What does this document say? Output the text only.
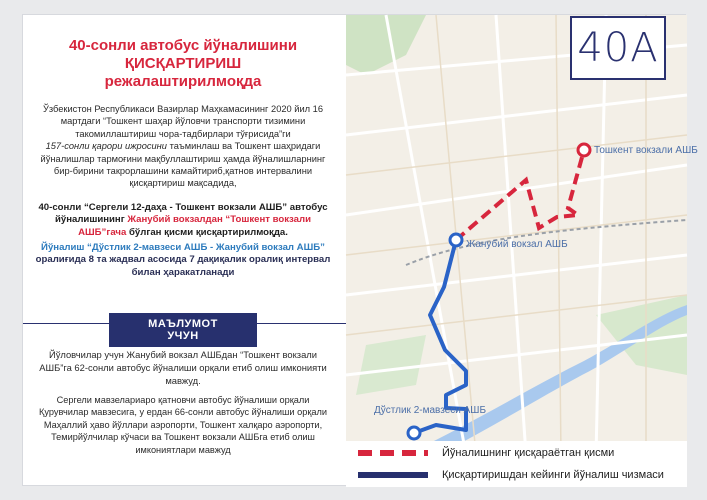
40-сонли автобус йўналишини
ҚИСҚАРТИРИШ
режалаштирилмоқда
Ўзбекистон Республикаси Вазирлар Маҳкамасининг 2020 йил 16 мартдаги “Тошкент шаҳар йўловчи транспорти тизимини такомиллаштириш чора-тадбирлари тўғрисида”ги
157-сонли қарори ижросини таъминлаш ва Тошкент шаҳридаги йўналишлар тармоғини мақбуллаштириш ҳамда йўналишларнинг бир-бирини такрорлашини камайтириб,қатнов интервалини қисқартириш мақсадида,
40-сонли “Сергели 12-даҳа - Тошкент вокзали АШБ” автобус йўналишининг Жанубий вокзалдан “Тошкент вокзали АШБ”гача бўлган қисми қисқартирилмоқда.
Йўналиш “Дўстлик 2-мавзеси АШБ - Жанубий вокзал АШБ” оралиғида 8 та жадвал асосида 7 дақиқалик оралиқ интервал билан ҳаракатланади
МАЪЛУМОТ УЧУН
Йўловчилар учун Жанубий вокзал АШБдан “Тошкент вокзали АШБ”га 62-сонли автобус йўналиши орқали етиб олиш имконияти мавжуд.
Сергели мавзелариаро қатновчи автобус йўналиши орқали Қурувчилар мавзесига, у ердан 66-сонли автобус йўналиши орқали Маҳаллий ҳаво йўллари аэропорти, Тошкент халқаро аэропорти, Темирйўлчилар кўчаси ва Тошкент вокзали АШБга етиб олиш имкониятлари мавжуд
Тошкент вокзали АШБ
Жанубий вокзал АШБ
Дўстлик 2-мавзеси АШБ
Йўналишнинг қисқараётган қисми
Қисқартиришдан кейинги йўналиш чизмаси
40А
